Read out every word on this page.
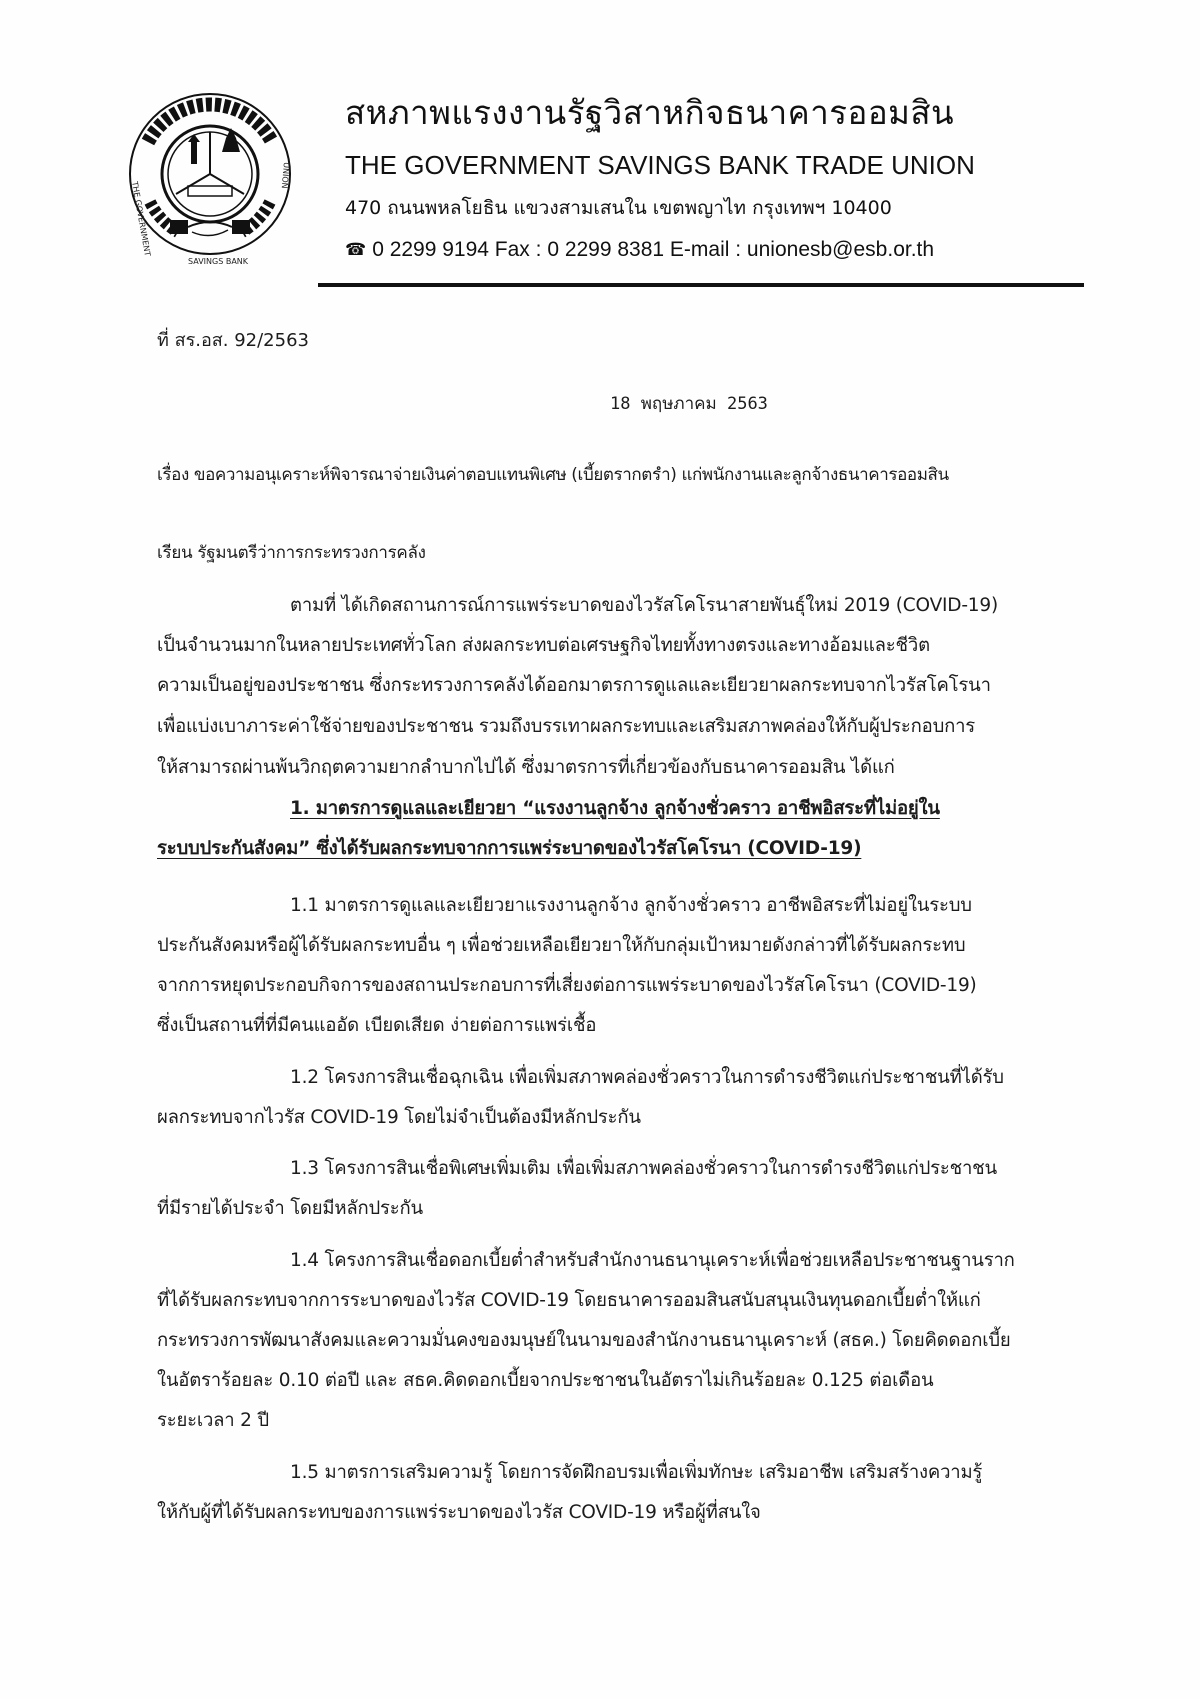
THE GOVERNMENT
SAVINGS BANK
UNION
สหภาพแรงงานรัฐวิสาหกิจธนาคารออมสิน
THE GOVERNMENT SAVINGS BANK TRADE UNION
470 ถนนพหลโยธิน แขวงสามเสนใน เขตพญาไท กรุงเทพฯ 10400
☎ 0 2299 9194 Fax : 0 2299 8381 E-mail : unionesb@esb.or.th
ที่ สร.อส. 92/2563
18 พฤษภาคม 2563
เรื่อง ขอความอนุเคราะห์พิจารณาจ่ายเงินค่าตอบแทนพิเศษ (เบี้ยตรากตรำ) แก่พนักงานและลูกจ้างธนาคารออมสิน
เรียน รัฐมนตรีว่าการกระทรวงการคลัง
ตามที่ ได้เกิดสถานการณ์การแพร่ระบาดของไวรัสโคโรนาสายพันธุ์ใหม่ 2019 (COVID-19)
เป็นจำนวนมากในหลายประเทศทั่วโลก ส่งผลกระทบต่อเศรษฐกิจไทยทั้งทางตรงและทางอ้อมและชีวิต
ความเป็นอยู่ของประชาชน ซึ่งกระทรวงการคลังได้ออกมาตรการดูแลและเยียวยาผลกระทบจากไวรัสโคโรนา
เพื่อแบ่งเบาภาระค่าใช้จ่ายของประชาชน รวมถึงบรรเทาผลกระทบและเสริมสภาพคล่องให้กับผู้ประกอบการ
ให้สามารถผ่านพ้นวิกฤตความยากลำบากไปได้ ซึ่งมาตรการที่เกี่ยวข้องกับธนาคารออมสิน ได้แก่
1. มาตรการดูแลและเยียวยา “แรงงานลูกจ้าง ลูกจ้างชั่วคราว อาชีพอิสระที่ไม่อยู่ใน
ระบบประกันสังคม” ซึ่งได้รับผลกระทบจากการแพร่ระบาดของไวรัสโคโรนา (COVID-19)
1.1 มาตรการดูแลและเยียวยาแรงงานลูกจ้าง ลูกจ้างชั่วคราว อาชีพอิสระที่ไม่อยู่ในระบบ
ประกันสังคมหรือผู้ได้รับผลกระทบอื่น ๆ เพื่อช่วยเหลือเยียวยาให้กับกลุ่มเป้าหมายดังกล่าวที่ได้รับผลกระทบ
จากการหยุดประกอบกิจการของสถานประกอบการที่เสี่ยงต่อการแพร่ระบาดของไวรัสโคโรนา (COVID-19)
ซึ่งเป็นสถานที่ที่มีคนแออัด เบียดเสียด ง่ายต่อการแพร่เชื้อ
1.2 โครงการสินเชื่อฉุกเฉิน เพื่อเพิ่มสภาพคล่องชั่วคราวในการดำรงชีวิตแก่ประชาชนที่ได้รับ
ผลกระทบจากไวรัส COVID-19 โดยไม่จำเป็นต้องมีหลักประกัน
1.3 โครงการสินเชื่อพิเศษเพิ่มเติม เพื่อเพิ่มสภาพคล่องชั่วคราวในการดำรงชีวิตแก่ประชาชน
ที่มีรายได้ประจำ โดยมีหลักประกัน
1.4 โครงการสินเชื่อดอกเบี้ยต่ำสำหรับสำนักงานธนานุเคราะห์เพื่อช่วยเหลือประชาชนฐานราก
ที่ได้รับผลกระทบจากการระบาดของไวรัส COVID-19 โดยธนาคารออมสินสนับสนุนเงินทุนดอกเบี้ยต่ำให้แก่
กระทรวงการพัฒนาสังคมและความมั่นคงของมนุษย์ในนามของสำนักงานธนานุเคราะห์ (สธค.) โดยคิดดอกเบี้ย
ในอัตราร้อยละ 0.10 ต่อปี และ สธค.คิดดอกเบี้ยจากประชาชนในอัตราไม่เกินร้อยละ 0.125 ต่อเดือน
ระยะเวลา 2 ปี
1.5 มาตรการเสริมความรู้ โดยการจัดฝึกอบรมเพื่อเพิ่มทักษะ เสริมอาชีพ เสริมสร้างความรู้
ให้กับผู้ที่ได้รับผลกระทบของการแพร่ระบาดของไวรัส COVID-19 หรือผู้ที่สนใจ
